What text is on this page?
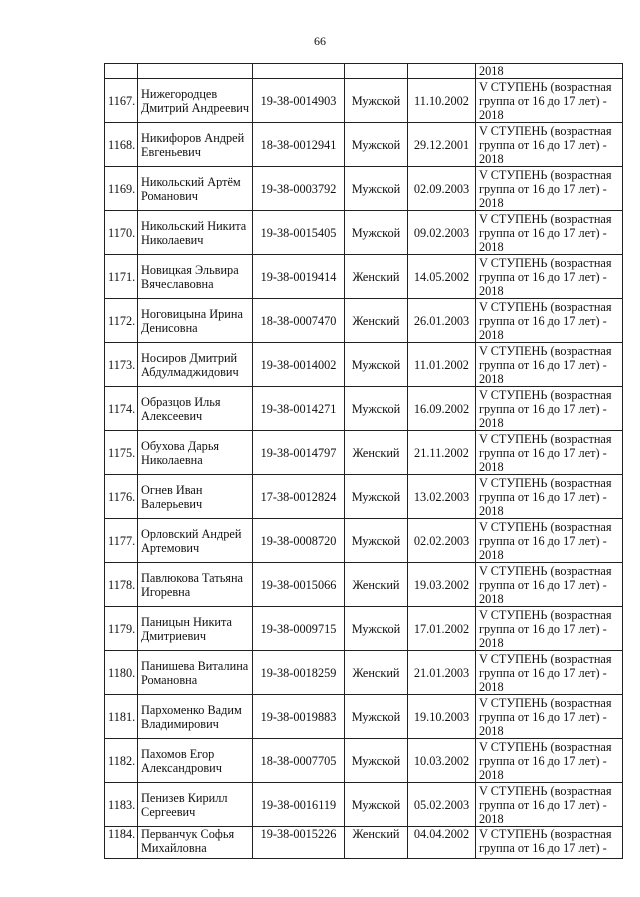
66
					2018
1167.	Нижегородцев Дмитрий Андреевич	19-38-0014903	Мужской	11.10.2002	V СТУПЕНЬ (возрастная
группа от 16 до 17 лет) -
2018

1168.	Никифоров Андрей Евгеньевич	18-38-0012941	Мужской	29.12.2001	V СТУПЕНЬ (возрастная
группа от 16 до 17 лет) -
2018

1169.	Никольский Артём Романович	19-38-0003792	Мужской	02.09.2003	V СТУПЕНЬ (возрастная
группа от 16 до 17 лет) -
2018

1170.	Никольский Никита Николаевич	19-38-0015405	Мужской	09.02.2003	V СТУПЕНЬ (возрастная
группа от 16 до 17 лет) -
2018

1171.	Новицкая Эльвира Вячеславовна	19-38-0019414	Женский	14.05.2002	V СТУПЕНЬ (возрастная
группа от 16 до 17 лет) -
2018

1172.	Ноговицына Ирина Денисовна	18-38-0007470	Женский	26.01.2003	V СТУПЕНЬ (возрастная
группа от 16 до 17 лет) -
2018

1173.	Носиров Дмитрий Абдулмаджидович	19-38-0014002	Мужской	11.01.2002	V СТУПЕНЬ (возрастная
группа от 16 до 17 лет) -
2018

1174.	Образцов Илья Алексеевич	19-38-0014271	Мужской	16.09.2002	V СТУПЕНЬ (возрастная
группа от 16 до 17 лет) -
2018

1175.	Обухова Дарья Николаевна	19-38-0014797	Женский	21.11.2002	V СТУПЕНЬ (возрастная
группа от 16 до 17 лет) -
2018

1176.	Огнев Иван Валерьевич	17-38-0012824	Мужской	13.02.2003	V СТУПЕНЬ (возрастная
группа от 16 до 17 лет) -
2018

1177.	Орловский Андрей Артемович	19-38-0008720	Мужской	02.02.2003	V СТУПЕНЬ (возрастная
группа от 16 до 17 лет) -
2018

1178.	Павлюкова Татьяна Игоревна	19-38-0015066	Женский	19.03.2002	V СТУПЕНЬ (возрастная
группа от 16 до 17 лет) -
2018

1179.	Паницын Никита Дмитриевич	19-38-0009715	Мужской	17.01.2002	V СТУПЕНЬ (возрастная
группа от 16 до 17 лет) -
2018

1180.	Панишева Виталина Романовна	19-38-0018259	Женский	21.01.2003	V СТУПЕНЬ (возрастная
группа от 16 до 17 лет) -
2018

1181.	Пархоменко Вадим Владимирович	19-38-0019883	Мужской	19.10.2003	V СТУПЕНЬ (возрастная
группа от 16 до 17 лет) -
2018

1182.	Пахомов Егор Александрович	18-38-0007705	Мужской	10.03.2002	V СТУПЕНЬ (возрастная
группа от 16 до 17 лет) -
2018

1183.	Пенизев Кирилл Сергеевич	19-38-0016119	Мужской	05.02.2003	V СТУПЕНЬ (возрастная
группа от 16 до 17 лет) -
2018

1184.	Перванчук Софья Михайловна	19-38-0015226	Женский	04.04.2002	V СТУПЕНЬ (возрастная
группа от 16 до 17 лет) -
